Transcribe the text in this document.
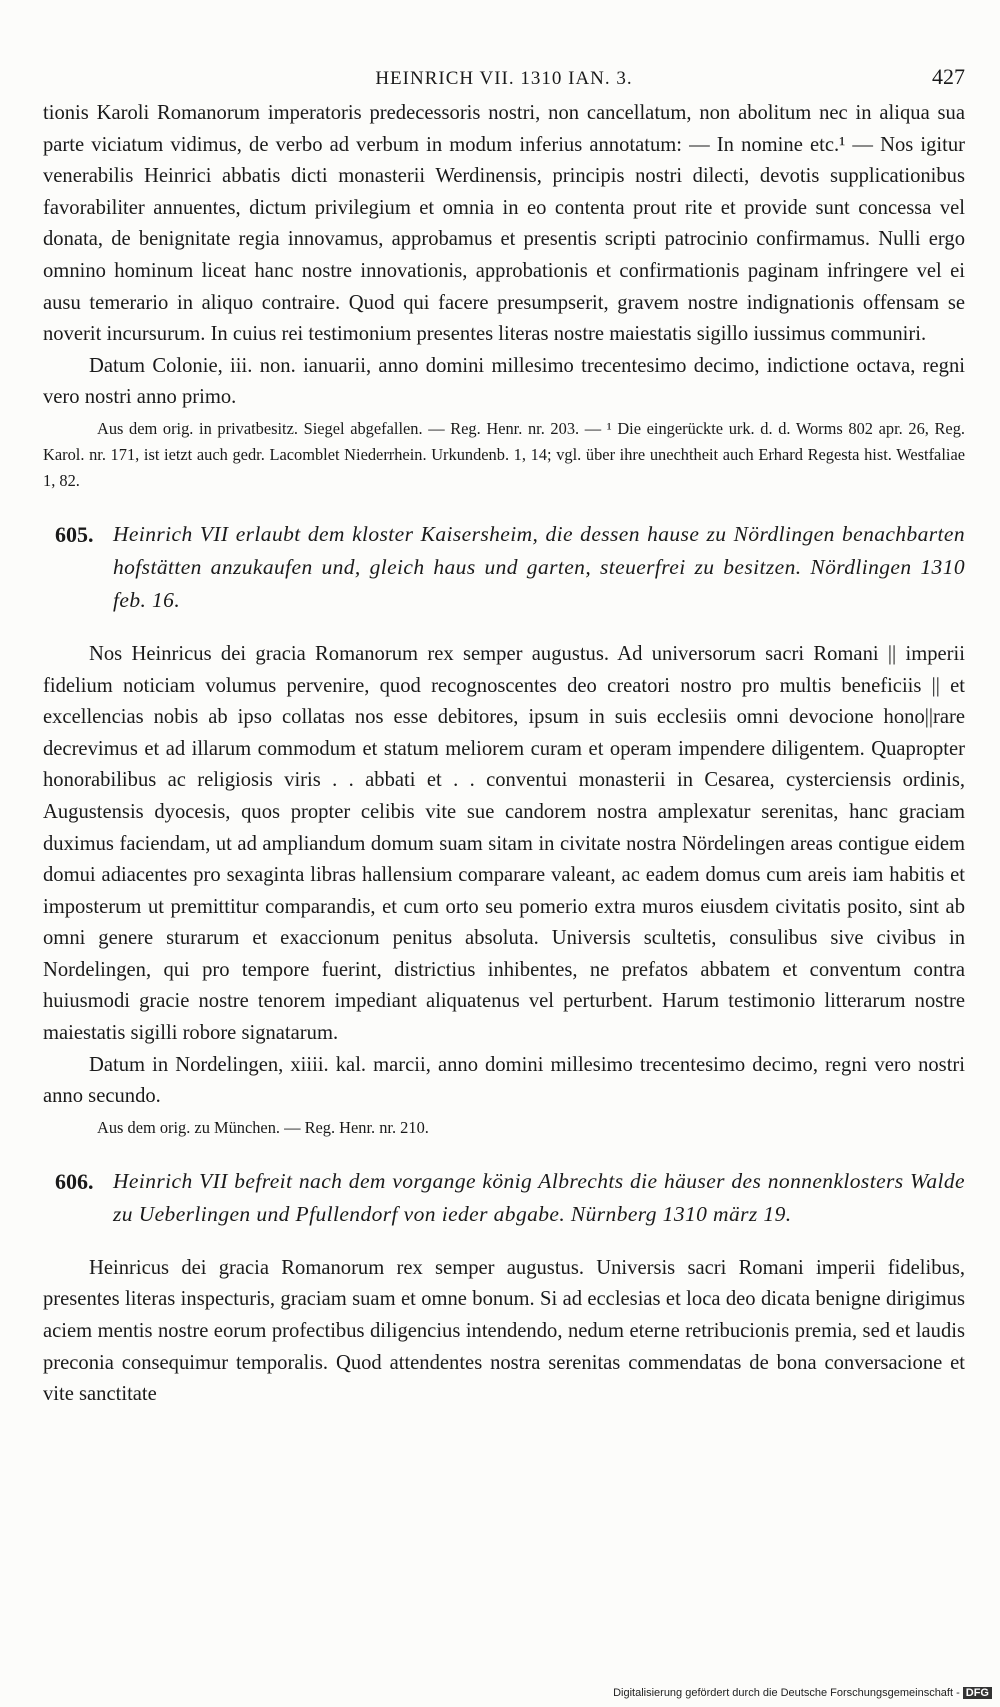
HEINRICH VII. 1310 IAN. 3.	427

tionis Karoli Romanorum imperatoris predecessoris nostri, non cancellatum, non abolitum nec in aliqua sua parte viciatum vidimus, de verbo ad verbum in modum inferius annotatum: — In nomine etc.¹ — Nos igitur venerabilis Heinrici abbatis dicti monasterii Werdinensis, principis nostri dilecti, devotis supplicationibus favorabiliter annuentes, dictum privilegium et omnia in eo contenta prout rite et provide sunt concessa vel donata, de benignitate regia innovamus, approbamus et presentis scripti patrocinio confirmamus. Nulli ergo omnino hominum liceat hanc nostre innovationis, approbationis et confirmationis paginam infringere vel ei ausu temerario in aliquo contraire. Quod qui facere presumpserit, gravem nostre indignationis offensam se noverit incursurum. In cuius rei testimonium presentes literas nostre maiestatis sigillo iussimus communiri.

Datum Colonie, iii. non. ianuarii, anno domini millesimo trecentesimo decimo, indictione octava, regni vero nostri anno primo.

Aus dem orig. in privatbesitz. Siegel abgefallen. — Reg. Henr. nr. 203. — ¹ Die eingerückte urk. d. d. Worms 802 apr. 26, Reg. Karol. nr. 171, ist ietzt auch gedr. Lacomblet Niederrhein. Urkundenb. 1, 14; vgl. über ihre unechtheit auch Erhard Regesta hist. Westfaliae 1, 82.
605. Heinrich VII erlaubt dem kloster Kaisersheim, die dessen hause zu Nördlingen benachbarten hofstätten anzukaufen und, gleich haus und garten, steuerfrei zu besitzen. Nördlingen 1310 feb. 16.

Nos Heinricus dei gracia Romanorum rex semper augustus. Ad universorum sacri Romani || imperii fidelium noticiam volumus pervenire, quod recognoscentes deo creatori nostro pro multis beneficiis || et excellencias nobis ab ipso collatas nos esse debitores, ipsum in suis ecclesiis omni devocione hono||rare decrevimus et ad illarum commodum et statum meliorem curam et operam impendere diligentem. Quapropter honorabilibus ac religiosis viris . . abbati et . . conventui monasterii in Cesarea, cysterciensis ordinis, Augustensis dyocesis, quos propter celibis vite sue candorem nostra amplexatur serenitas, hanc graciam duximus faciendam, ut ad ampliandum domum suam sitam in civitate nostra Nördelingen areas contigue eidem domui adiacentes pro sexaginta libras hallensium comparare valeant, ac eadem domus cum areis iam habitis et imposterum ut premittitur comparandis, et cum orto seu pomerio extra muros eiusdem civitatis posito, sint ab omni genere sturarum et exaccionum penitus absoluta. Universis scultetis, consulibus sive civibus in Nordelingen, qui pro tempore fuerint, districtius inhibentes, ne prefatos abbatem et conventum contra huiusmodi gracie nostre tenorem impediant aliquatenus vel perturbent. Harum testimonio litterarum nostre maiestatis sigilli robore signatarum.

Datum in Nordelingen, xiiii. kal. marcii, anno domini millesimo trecentesimo decimo, regni vero nostri anno secundo.

Aus dem orig. zu München. — Reg. Henr. nr. 210.
606. Heinrich VII befreit nach dem vorgange könig Albrechts die häuser des nonnenklosters Walde zu Ueberlingen und Pfullendorf von ieder abgabe. Nürnberg 1310 märz 19.

Heinricus dei gracia Romanorum rex semper augustus. Universis sacri Romani imperii fidelibus, presentes literas inspecturis, graciam suam et omne bonum. Si ad ecclesias et loca deo dicata benigne dirigimus aciem mentis nostre eorum profectibus diligencius intendendo, nedum eterne retribucionis premia, sed et laudis preconia consequimur temporalis. Quod attendentes nostra serenitas commendatas de bona conversacione et vite sanctitate

Digitalisierung gefördert durch die Deutsche Forschungsgemeinschaft - DFG
